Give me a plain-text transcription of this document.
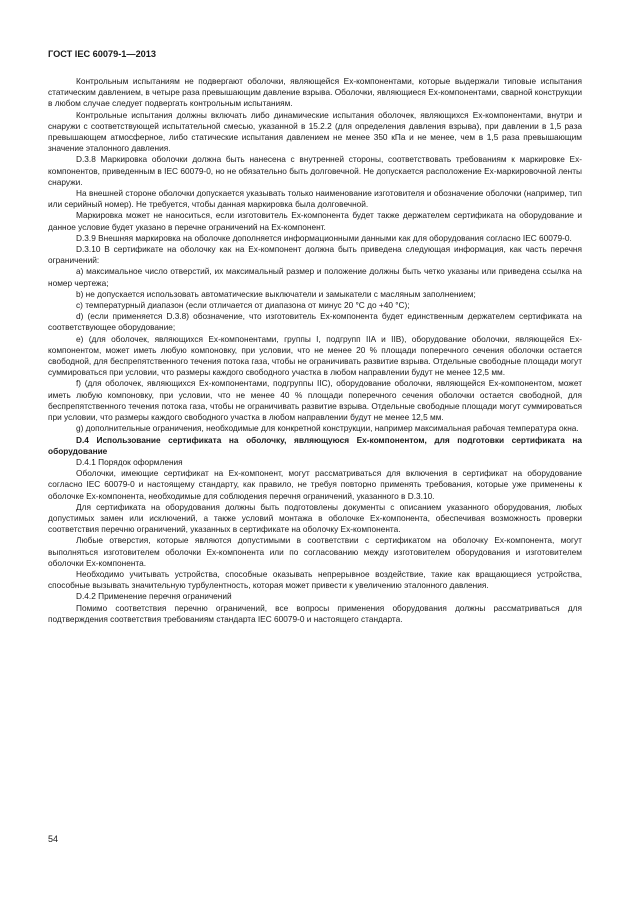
ГОСТ IEC 60079-1—2013

Контрольным испытаниям не подвергают оболочки, являющейся Ex-компонентами, которые выдержали типовые испытания статическим давлением, в четыре раза превышающим давление взрыва. Оболочки, являющиеся Ex-компонентами, сварной конструкции в любом случае следует подвергать контрольным испытаниям.

Контрольные испытания должны включать либо динамические испытания оболочек, являющихся Ex-компонентами, внутри и снаружи с соответствующей испытательной смесью, указанной в 15.2.2 (для определения давления взрыва), при давлении в 1,5 раза превышающем атмосферное, либо статические испытания давлением не менее 350 кПа и не менее, чем в 1,5 раза превышающим значение эталонного давления.

D.3.8 Маркировка оболочки должна быть нанесена с внутренней стороны, соответствовать требованиям к маркировке Ex-компонентов, приведенным в IEC 60079-0, но не обязательно быть долговечной. Не допускается расположение Ex-маркировочной ленты снаружи.

На внешней стороне оболочки допускается указывать только наименование изготовителя и обозначение оболочки (например, тип или серийный номер). Не требуется, чтобы данная маркировка была долговечной.

Маркировка может не наноситься, если изготовитель Ex-компонента будет также держателем сертификата на оборудование и данное условие будет указано в перечне ограничений на Ex-компонент.

D.3.9 Внешняя маркировка на оболочке дополняется информационными данными как для оборудования согласно IEC 60079-0.

D.3.10 В сертификате на оболочку как на Ex-компонент должна быть приведена следующая информация, как часть перечня ограничений:

a) максимальное число отверстий, их максимальный размер и положение должны быть четко указаны или приведена ссылка на номер чертежа;

b) не допускается использовать автоматические выключатели и замыкатели с масляным заполнением;

c) температурный диапазон (если отличается от диапазона от минус 20 °C до +40 °C);

d) (если применяется D.3.8) обозначение, что изготовитель Ex-компонента будет единственным держателем сертификата на соответствующее оборудование;

e) (для оболочек, являющихся Ex-компонентами, группы I, подгрупп IIA и IIB), оборудование оболочки, являющейся Ex-компонентом, может иметь любую компоновку, при условии, что не менее 20 % площади поперечного сечения оболочки остается свободной, для беспрепятственного течения потока газа, чтобы не ограничивать развитие взрыва. Отдельные свободные площади могут суммироваться при условии, что размеры каждого свободного участка в любом направлении будут не менее 12,5 мм.

f) (для оболочек, являющихся Ex-компонентами, подгруппы IIC), оборудование оболочки, являющейся Ex-компонентом, может иметь любую компоновку, при условии, что не менее 40 % площади поперечного сечения оболочки остается свободной, для беспрепятственного течения потока газа, чтобы не ограничивать развитие взрыва. Отдельные свободные площади могут суммироваться при условии, что размеры каждого свободного участка в любом направлении будут не менее 12,5 мм.

g) дополнительные ограничения, необходимые для конкретной конструкции, например максимальная рабочая температура окна.

D.4 Использование сертификата на оболочку, являющуюся Ex-компонентом, для подготовки сертификата на оборудование

D.4.1 Порядок оформления

Оболочки, имеющие сертификат на Ex-компонент, могут рассматриваться для включения в сертификат на оборудование согласно IEC 60079-0 и настоящему стандарту, как правило, не требуя повторно применять требования, которые уже применены к оболочке Ex-компонента, необходимые для соблюдения перечня ограничений, указанного в D.3.10.

Для сертификата на оборудования должны быть подготовлены документы с описанием указанного оборудования, любых допустимых замен или исключений, а также условий монтажа в оболочке Ex-компонента, обеспечивая возможность проверки соответствия перечню ограничений, указанных в сертификате на оболочку Ex-компонента.

Любые отверстия, которые являются допустимыми в соответствии с сертификатом на оболочку Ex-компонента, могут выполняться изготовителем оболочки Ex-компонента или по согласованию между изготовителем оборудования и изготовителем оболочки Ex-компонента.

Необходимо учитывать устройства, способные оказывать непрерывное воздействие, такие как вращающиеся устройства, способные вызывать значительную турбулентность, которая может привести к увеличению эталонного давления.

D.4.2 Применение перечня ограничений

Помимо соответствия перечню ограничений, все вопросы применения оборудования должны рассматриваться для подтверждения соответствия требованиям стандарта IEC 60079-0 и настоящего стандарта.

54
